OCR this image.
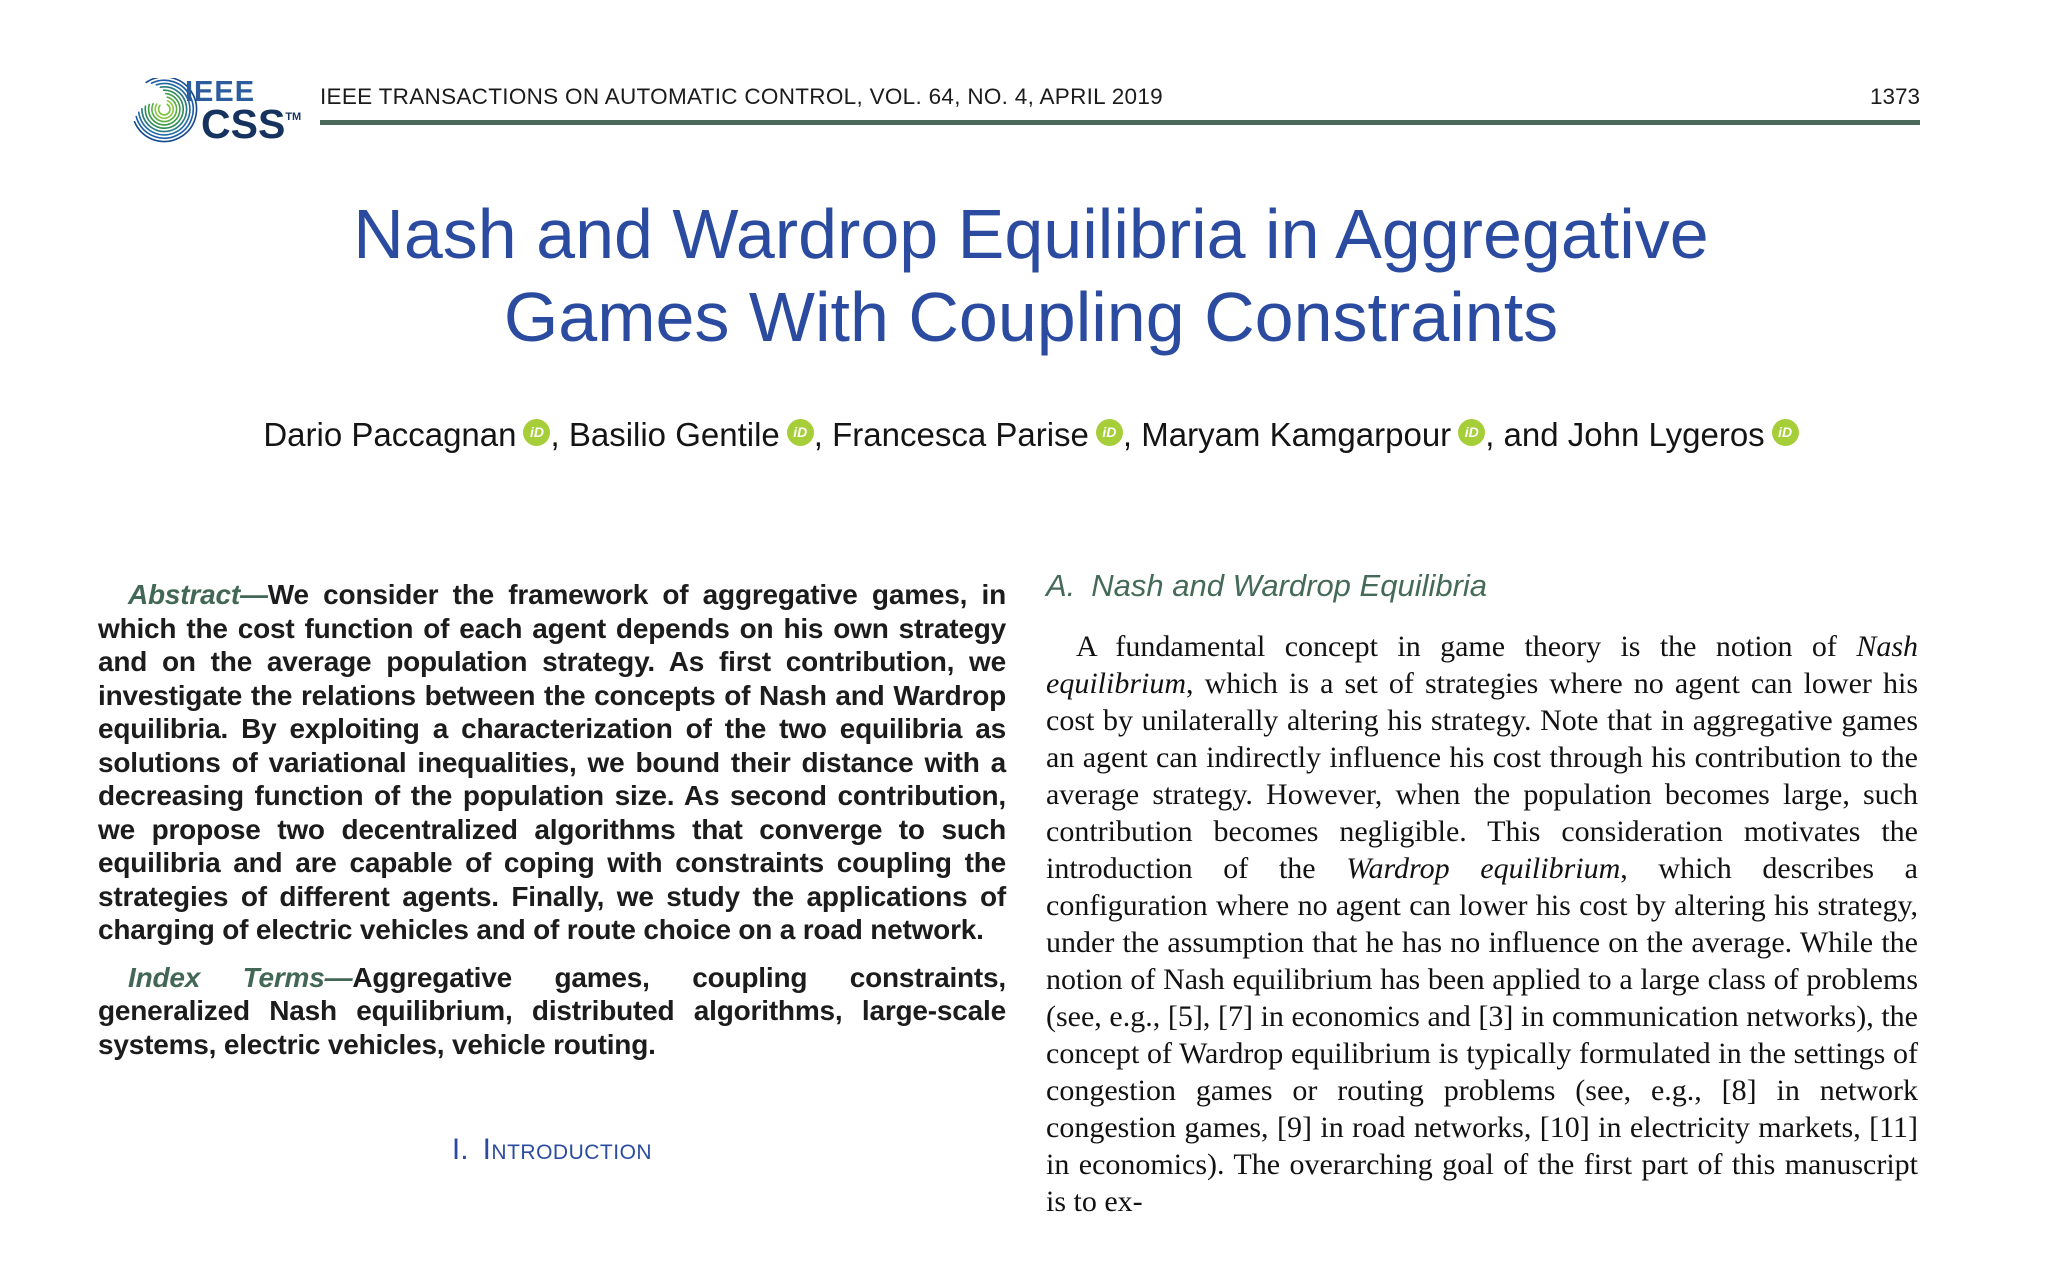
IEEE
CSS™
IEEE TRANSACTIONS ON AUTOMATIC CONTROL, VOL. 64, NO. 4, APRIL 2019	1373
Nash and Wardrop Equilibria in Aggregative
Games With Coupling Constraints
Dario Paccagnan iD , Basilio Gentile iD , Francesca Parise iD , Maryam Kamgarpour iD , and John Lygeros iD

Abstract—We consider the framework of aggregative games, in which the cost function of each agent depends on his own strategy and on the average population strategy. As first contribution, we investigate the relations between the concepts of Nash and Wardrop equilibria. By exploiting a characterization of the two equilibria as solutions of variational inequalities, we bound their distance with a decreasing function of the population size. As second contribution, we propose two decentralized algorithms that converge to such equilibria and are capable of coping with constraints coupling the strategies of different agents. Finally, we study the applications of charging of electric vehicles and of route choice on a road network.

Index Terms—Aggregative games, coupling constraints, generalized Nash equilibrium, distributed algorithms, large-scale systems, electric vehicles, vehicle routing.

I. Introduction
A. Nash and Wardrop Equilibria

A fundamental concept in game theory is the notion of Nash equilibrium, which is a set of strategies where no agent can lower his cost by unilaterally altering his strategy. Note that in aggregative games an agent can indirectly influence his cost through his contribution to the average strategy. However, when the population becomes large, such contribution becomes negligible. This consideration motivates the introduction of the Wardrop equilibrium, which describes a configuration where no agent can lower his cost by altering his strategy, under the assumption that he has no influence on the average. While the notion of Nash equilibrium has been applied to a large class of problems (see, e.g., [5], [7] in economics and [3] in communication networks), the concept of Wardrop equilibrium is typically formulated in the settings of congestion games or routing problems (see, e.g., [8] in network congestion games, [9] in road networks, [10] in electricity markets, [11] in economics). The overarching goal of the first part of this manuscript is to ex-
